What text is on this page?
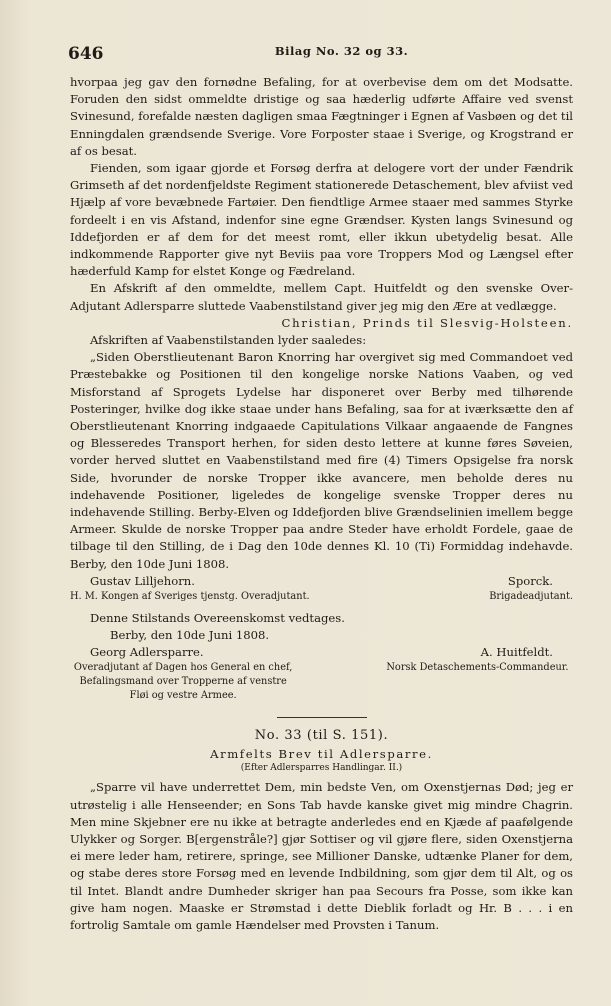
646	Bilag No. 32 og 33.

hvorpaa jeg gav den fornødne Befaling, for at overbevise dem om det Modsatte. Foruden den sidst ommeldte dristige og saa hæderlig udførte Affaire ved svenst Svinesund, forefalde næsten dagligen smaa Fægtninger i Egnen af Vasbøen og det til Enningdalen grændsende Sverige. Vore Forposter staae i Sverige, og Krogstrand er af os besat.

Fienden, som igaar gjorde et Forsøg derfra at delogere vort der under Fændrik Grimseth af det nordenfjeldste Regiment stationerede Detaschement, blev afviist ved Hjælp af vore bevæbnede Fartøier. Den fiendtlige Armee staaer med sammes Styrke fordeelt i en vis Afstand, indenfor sine egne Grændser. Kysten langs Svinesund og Iddefjorden er af dem for det meest romt, eller ikkun ubetydelig besat. Alle indkommende Rapporter give nyt Beviis paa vore Troppers Mod og Længsel efter hæderfuld Kamp for elstet Konge og Fædreland.

En Afskrift af den ommeldte, mellem Capt. Huitfeldt og den svenske Over-Adjutant Adlersparre sluttede Vaabenstilstand giver jeg mig den Ære at vedlægge.

Christian, Prinds til Slesvig-Holsteen.

Afskriften af Vaabenstilstanden lyder saaledes:

„Siden Oberstlieutenant Baron Knorring har overgivet sig med Commandoet ved Præstebakke og Positionen til den kongelige norske Nations Vaaben, og ved Misforstand af Sprogets Lydelse har disponeret over Berby med tilhørende Posteringer, hvilke dog ikke staae under hans Befaling, saa for at iværksætte den af Oberstlieutenant Knorring indgaaede Capitulations Vilkaar angaaende de Fangnes og Blesseredes Transport herhen, for siden desto lettere at kunne føres Søveien, vorder herved sluttet en Vaabenstilstand med fire (4) Timers Opsigelse fra norsk Side, hvorunder de norske Tropper ikke avancere, men beholde deres nu indehavende Positioner, ligeledes de kongelige svenske Tropper deres nu indehavende Stilling. Berby-Elven og Iddefjorden blive Grændselinien imellem begge Armeer. Skulde de norske Tropper paa andre Steder have erholdt Fordele, gaae de tilbage til den Stilling, de i Dag den 10de dennes Kl. 10 (Ti) Formiddag indehavde. Berby, den 10de Juni 1808.

Gustav Lilljehorn.	Sporck.
H. M. Kongen af Sveriges tjenstg. Overadjutant.	Brigadeadjutant.

Denne Stilstands Overeenskomst vedtages.

Berby, den 10de Juni 1808.

Georg Adlersparre.	A. Huitfeldt.
Overadjutant af Dagen hos General en chef, Befalingsmand over Tropperne af venstre Fløi og vestre Armee.
Norsk Detaschements-Commandeur.
No. 33 (til S. 151).
Armfelts Brev til Adlersparre.
(Efter Adlersparres Handlingar. II.)

„Sparre vil have underrettet Dem, min bedste Ven, om Oxenstjernas Død; jeg er utrøstelig i alle Henseender; en Sons Tab havde kanske givet mig mindre Chagrin. Men mine Skjebner ere nu ikke at betragte anderledes end en Kjæde af paafølgende Ulykker og Sorger. B[ergenstråle?] gjør Sottiser og vil gjøre flere, siden Oxenstjerna ei mere leder ham, retirere, springe, see Millioner Danske, udtænke Planer for dem, og stabe deres store Forsøg med en levende Indbildning, som gjør dem til Alt, og os til Intet. Blandt andre Dumheder skriger han paa Secours fra Posse, som ikke kan give ham nogen. Maaske er Strømstad i dette Dieblik forladt og Hr. B . . . i en fortrolig Samtale om gamle Hændelser med Provsten i Tanum.
